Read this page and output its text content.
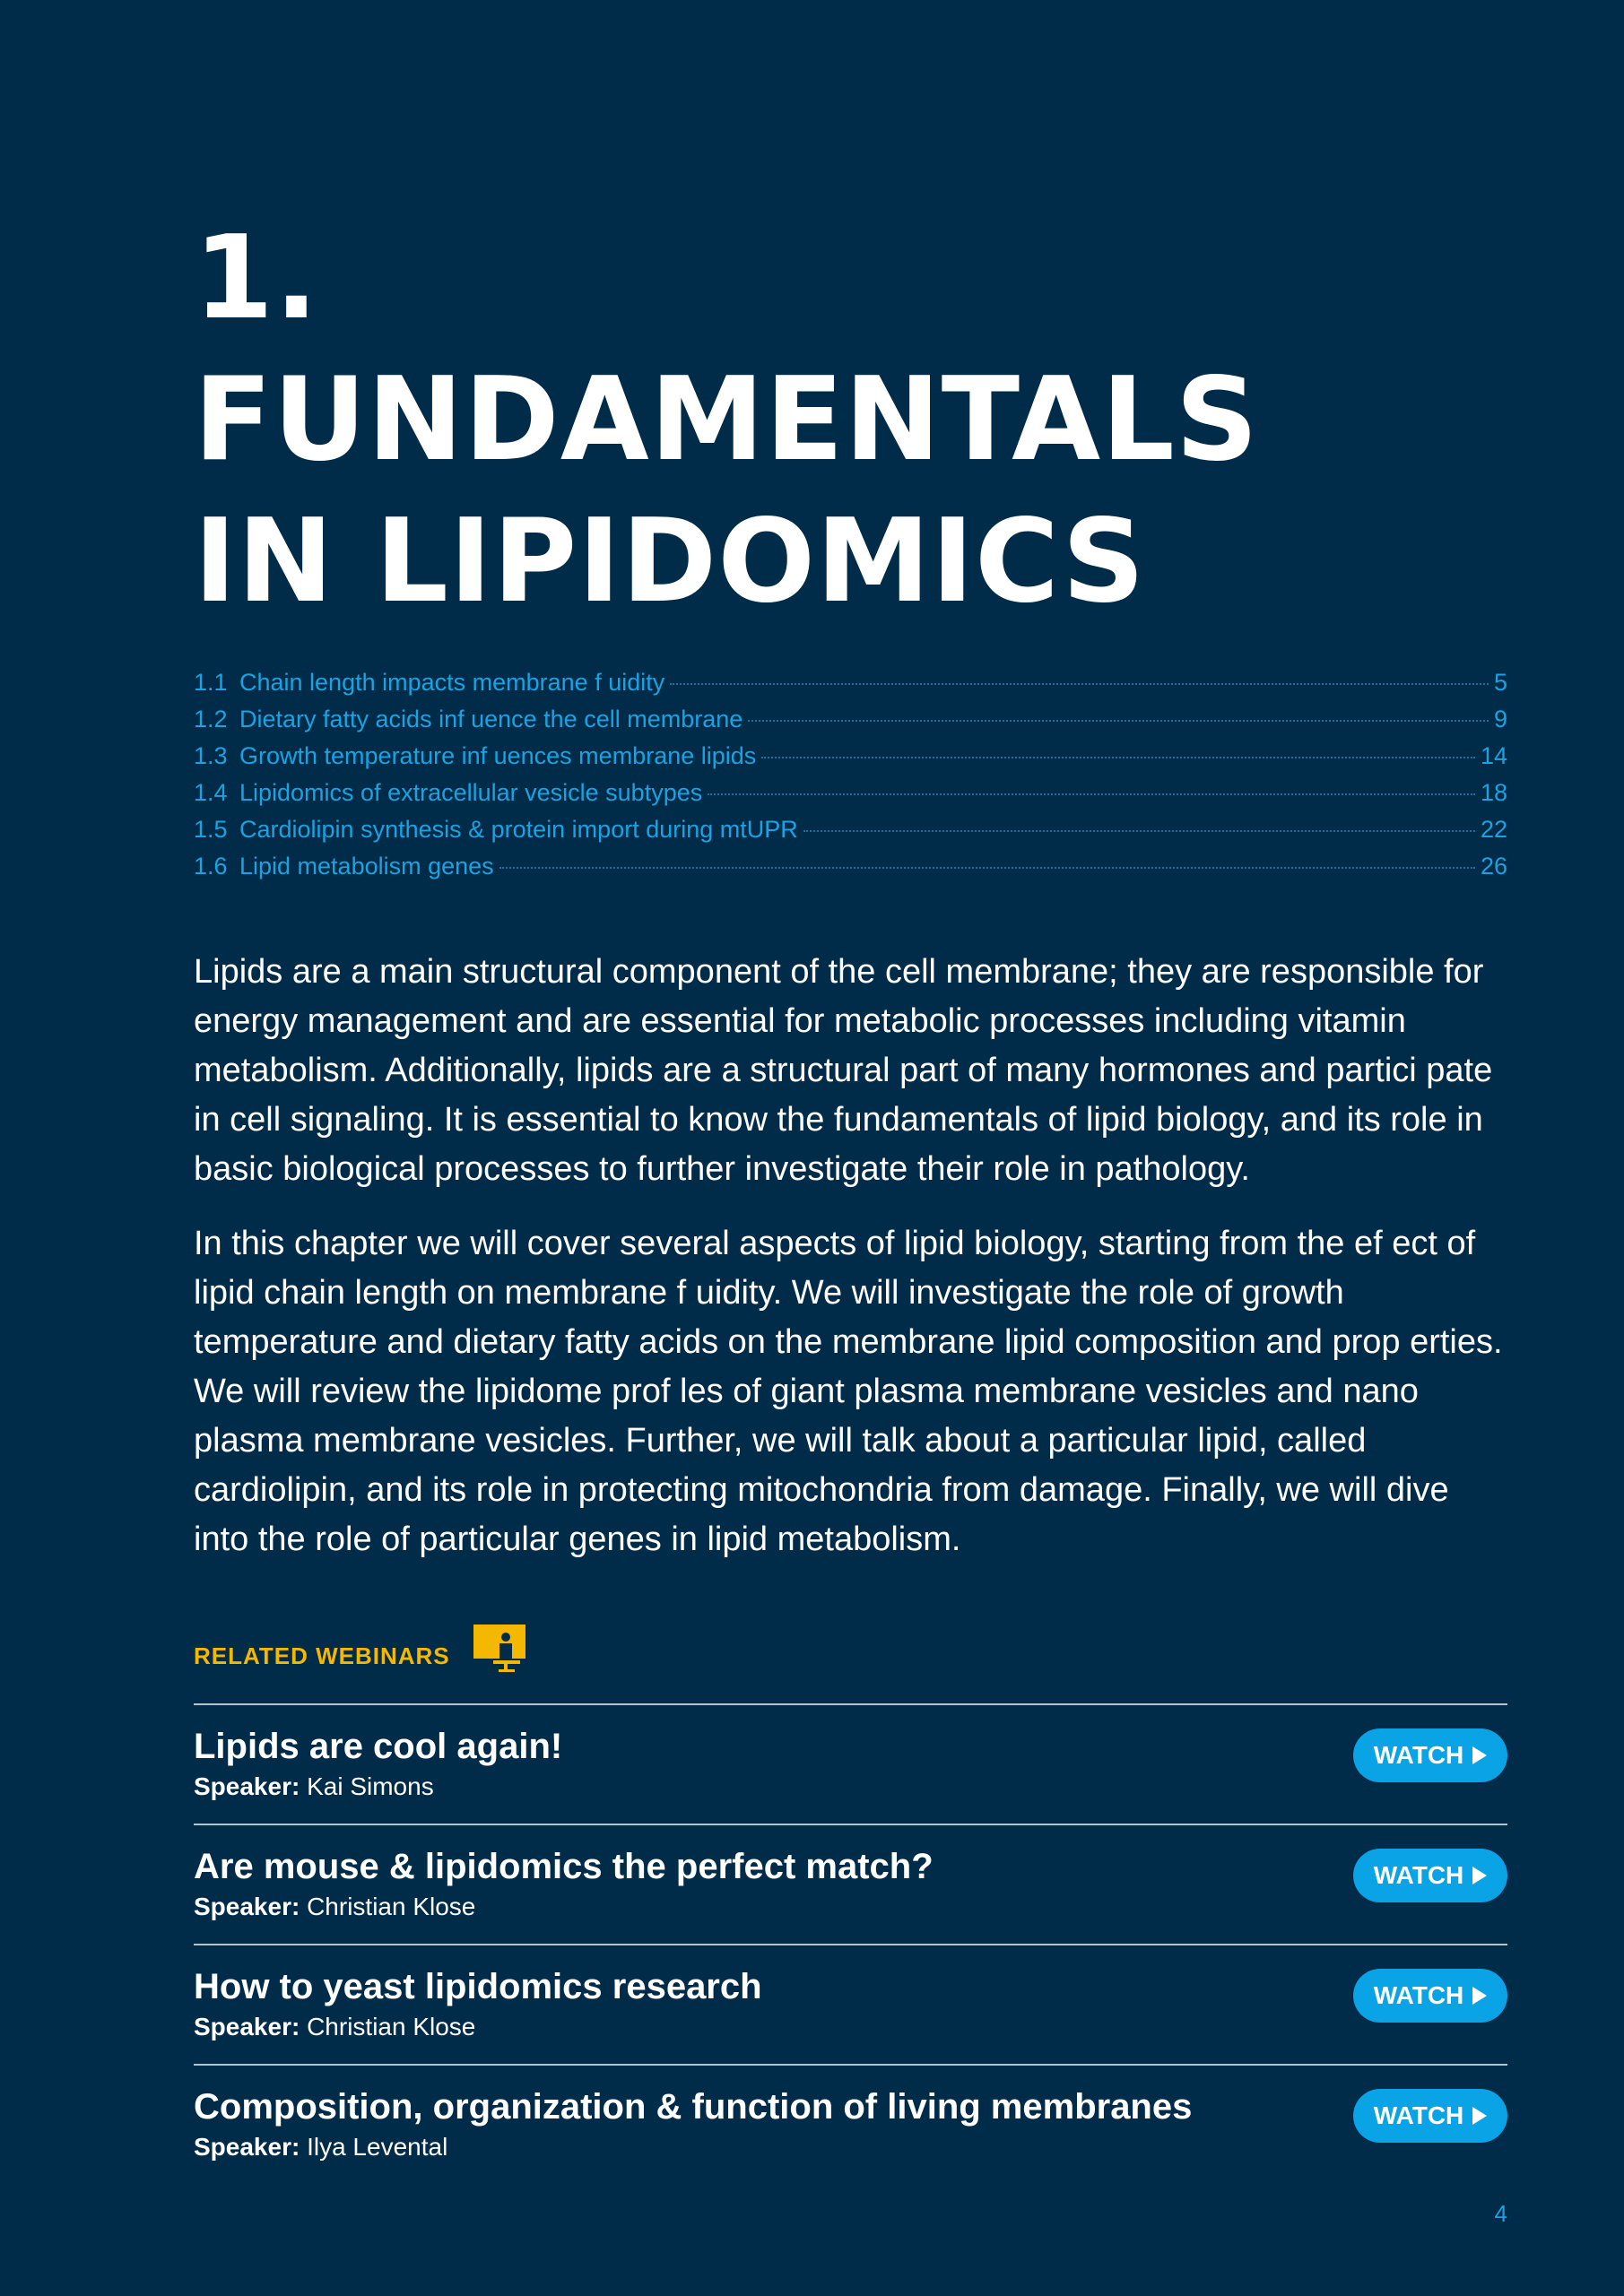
1.
FUNDAMENTALS
IN LIPIDOMICS
1.1 Chain length impacts membrane f uidity	5
1.2 Dietary fatty acids inf uence the cell membrane	9
1.3 Growth temperature inf uences membrane lipids	14
1.4 Lipidomics of extracellular vesicle subtypes	18
1.5 Cardiolipin synthesis & protein import during mtUPR	22
1.6 Lipid metabolism genes	26

Lipids are a main structural component of the cell membrane; they are responsible for energy management and are essential for metabolic processes including vitamin metabolism. Additionally, lipids are a structural part of many hormones and partici pate in cell signaling. It is essential to know the fundamentals of lipid biology, and its role in basic biological processes to further investigate their role in pathology.

In this chapter we will cover several aspects of lipid biology, starting from the ef ect of lipid chain length on membrane f uidity. We will investigate the role of growth temperature and dietary fatty acids on the membrane lipid composition and prop erties. We will review the lipidome prof les of giant plasma membrane vesicles and nano plasma membrane vesicles. Further, we will talk about a particular lipid, called cardiolipin, and its role in protecting mitochondria from damage. Finally, we will dive into the role of particular genes in lipid metabolism.

RELATED WEBINARS
Lipids are cool again!
Speaker: Kai Simons
WATCH
Are mouse & lipidomics the perfect match?
Speaker: Christian Klose
WATCH
How to yeast lipidomics research
Speaker: Christian Klose
WATCH
Composition, organization & function of living membranes
Speaker: Ilya Levental
WATCH
4
